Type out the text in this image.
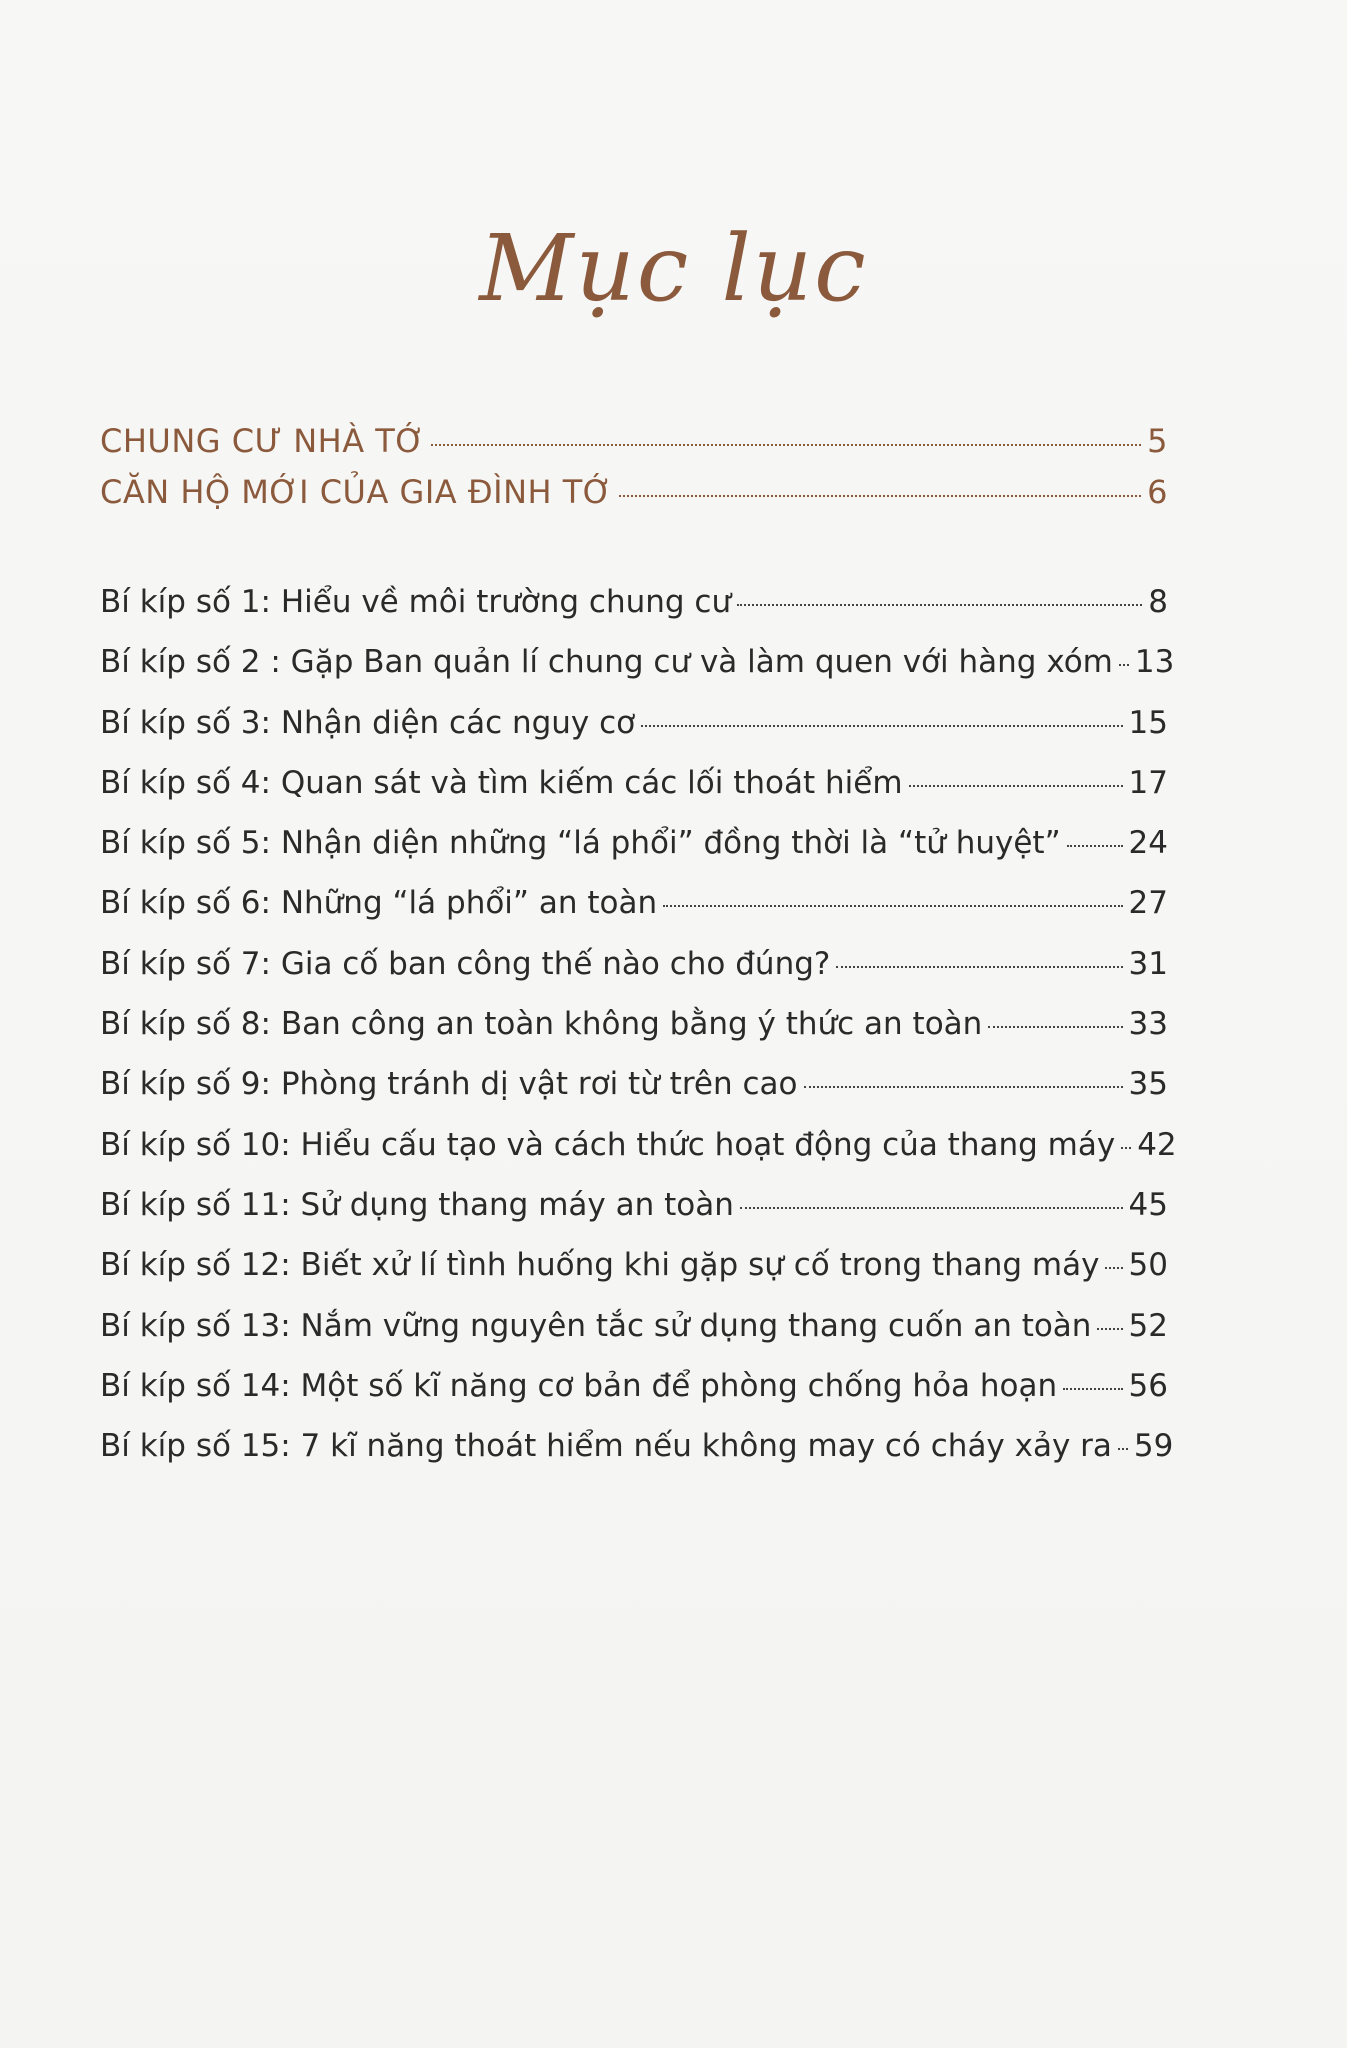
Mục lục
CHUNG CƯ NHÀ TỚ	5
CĂN HỘ MỚI CỦA GIA ĐÌNH TỚ	6
Bí kíp số 1: Hiểu về môi trường chung cư	8
Bí kíp số 2 : Gặp Ban quản lí chung cư và làm quen với hàng xóm 13
Bí kíp số 3: Nhận diện các nguy cơ	15
Bí kíp số 4: Quan sát và tìm kiếm các lối thoát hiểm	17
Bí kíp số 5: Nhận diện những “lá phổi” đồng thời là “tử huyệt” 24
Bí kíp số 6: Những “lá phổi” an toàn	27
Bí kíp số 7: Gia cố ban công thế nào cho đúng?	31
Bí kíp số 8: Ban công an toàn không bằng ý thức an toàn	33
Bí kíp số 9: Phòng tránh dị vật rơi từ trên cao	35
Bí kíp số 10: Hiểu cấu tạo và cách thức hoạt động của thang máy 42
Bí kíp số 11: Sử dụng thang máy an toàn	45
Bí kíp số 12: Biết xử lí tình huống khi gặp sự cố trong thang máy 50
Bí kíp số 13: Nắm vững nguyên tắc sử dụng thang cuốn an toàn 52
Bí kíp số 14: Một số kĩ năng cơ bản để phòng chống hỏa hoạn 56
Bí kíp số 15: 7 kĩ năng thoát hiểm nếu không may có cháy xảy ra 59
